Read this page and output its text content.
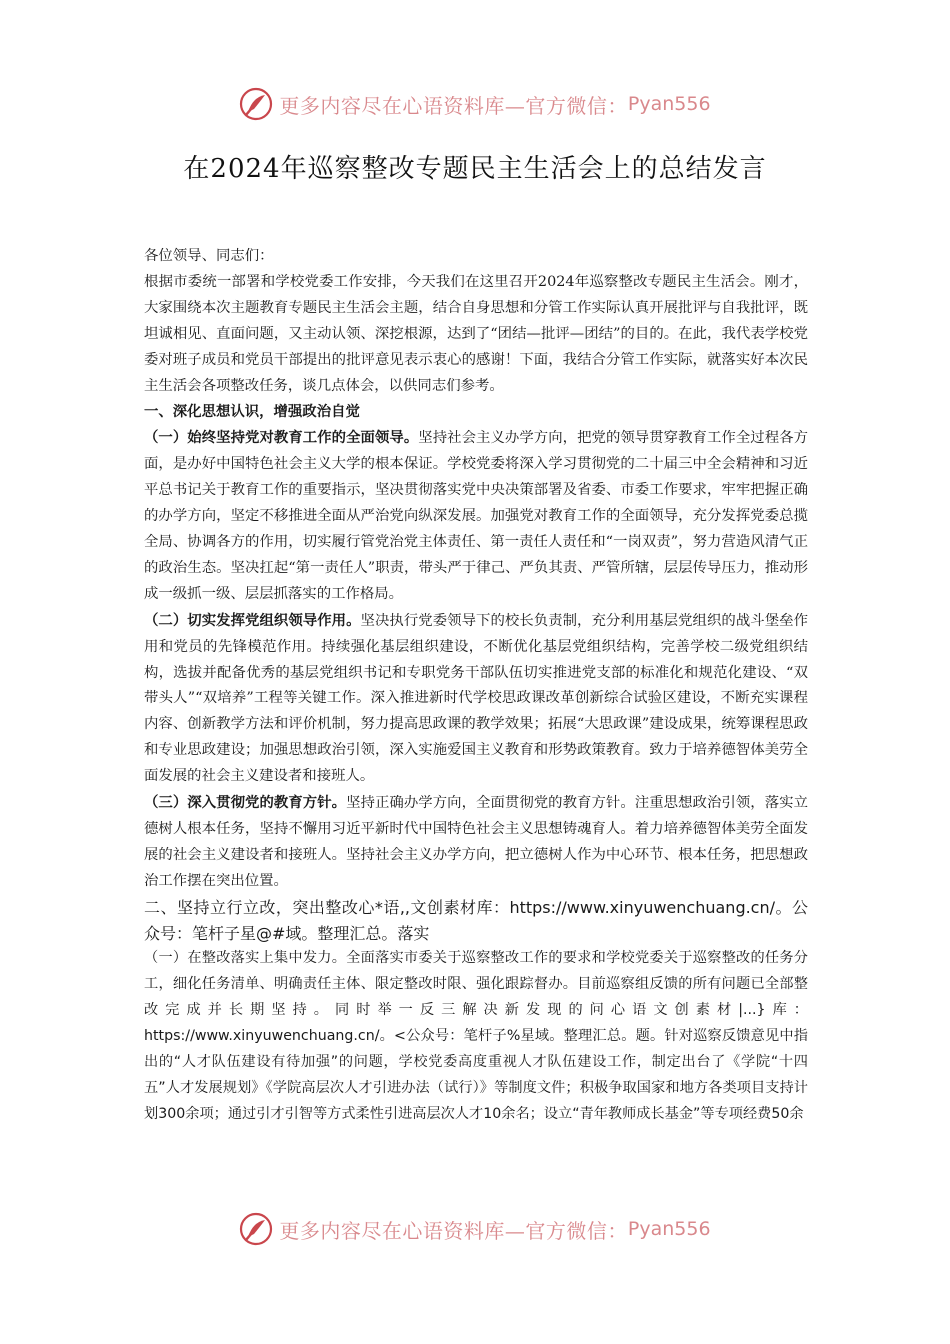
更多内容尽在心语资料库—官方微信： Pyan556
在2024年巡察整改专题民主生活会上的总结发言

各位领导、同志们：

根据市委统一部署和学校党委工作安排，今天我们在这里召开2024年巡察整改专题民主生活会。刚才，大家围绕本次主题教育专题民主生活会主题，结合自身思想和分管工作实际认真开展批评与自我批评，既坦诚相见、直面问题，又主动认领、深挖根源，达到了“团结—批评—团结”的目的。在此，我代表学校党委对班子成员和党员干部提出的批评意见表示衷心的感谢！下面，我结合分管工作实际，就落实好本次民主生活会各项整改任务，谈几点体会，以供同志们参考。

一、深化思想认识，增强政治自觉

（一）始终坚持党对教育工作的全面领导。坚持社会主义办学方向，把党的领导贯穿教育工作全过程各方面，是办好中国特色社会主义大学的根本保证。学校党委将深入学习贯彻党的二十届三中全会精神和习近平总书记关于教育工作的重要指示，坚决贯彻落实党中央决策部署及省委、市委工作要求，牢牢把握正确的办学方向，坚定不移推进全面从严治党向纵深发展。加强党对教育工作的全面领导，充分发挥党委总揽全局、协调各方的作用，切实履行管党治党主体责任、第一责任人责任和“一岗双责”，努力营造风清气正的政治生态。坚决扛起“第一责任人”职责，带头严于律己、严负其责、严管所辖，层层传导压力，推动形成一级抓一级、层层抓落实的工作格局。

（二）切实发挥党组织领导作用。坚决执行党委领导下的校长负责制，充分利用基层党组织的战斗堡垒作用和党员的先锋模范作用。持续强化基层组织建设，不断优化基层党组织结构，完善学校二级党组织结构，选拔并配备优秀的基层党组织书记和专职党务干部队伍切实推进党支部的标准化和规范化建设、“双带头人”“双培养”工程等关键工作。深入推进新时代学校思政课改革创新综合试验区建设，不断充实课程内容、创新教学方法和评价机制，努力提高思政课的教学效果；拓展“大思政课”建设成果，统筹课程思政和专业思政建设；加强思想政治引领，深入实施爱国主义教育和形势政策教育。致力于培养德智体美劳全面发展的社会主义建设者和接班人。

（三）深入贯彻党的教育方针。坚持正确办学方向，全面贯彻党的教育方针。注重思想政治引领，落实立德树人根本任务，坚持不懈用习近平新时代中国特色社会主义思想铸魂育人。着力培养德智体美劳全面发展的社会主义建设者和接班人。坚持社会主义办学方向，把立德树人作为中心环节、根本任务，把思想政治工作摆在突出位置。

二、坚持立行立改，突出整改心*语,,文创素材库：https://www.xinyuwenchuang.cn/。公众号：笔杆子星@#域。整理汇总。落实

（一）在整改落实上集中发力。全面落实市委关于巡察整改工作的要求和学校党委关于巡察整改的任务分工，细化任务清单、明确责任主体、限定整改时限、强化跟踪督办。目前巡察组反馈的所有问题已全部整改完成并长期坚持。同时举一反三解决新发现的问心语文创素材|...}库：https://www.xinyuwenchuang.cn/。<公众号：笔杆子%星域。整理汇总。题。针对巡察反馈意见中指出的“人才队伍建设有待加强”的问题，学校党委高度重视人才队伍建设工作，制定出台了《学院“十四五”人才发展规划》《学院高层次人才引进办法（试行）》等制度文件；积极争取国家和地方各类项目支持计划300余项；通过引才引智等方式柔性引进高层次人才10余名；设立“青年教师成长基金”等专项经费50余

更多内容尽在心语资料库—官方微信： Pyan556
